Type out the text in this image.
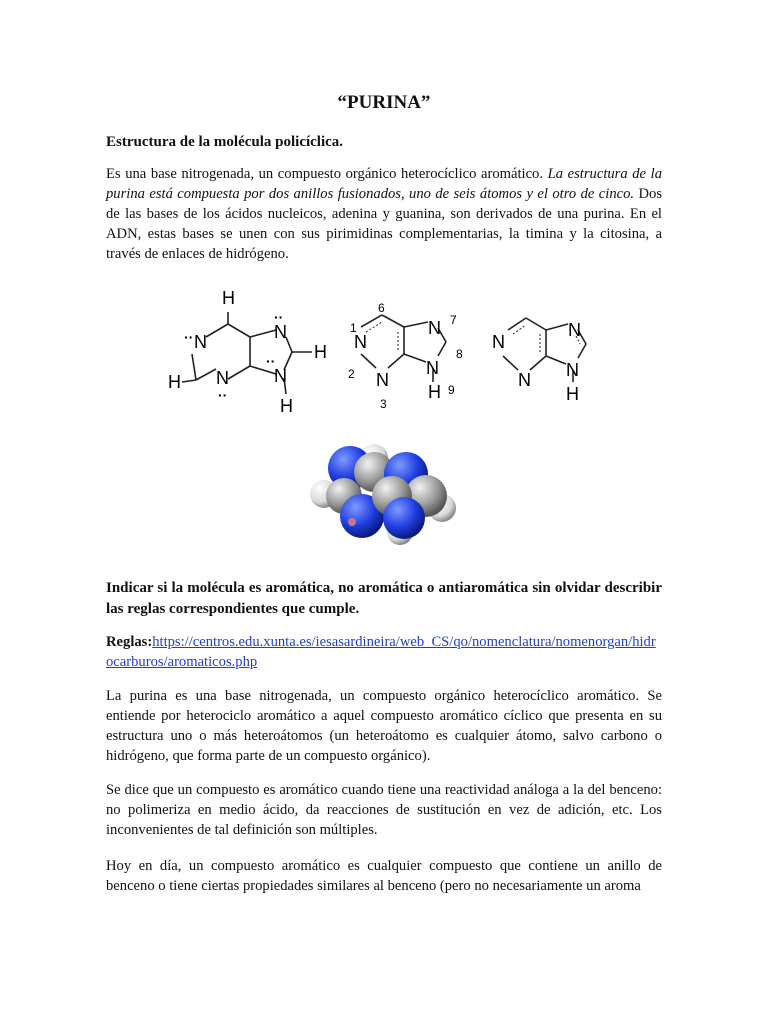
“PURINA”
Estructura de la molécula policíclica.

Es una base nitrogenada, un compuesto orgánico heterocíclico aromático. La estructura de la purina está compuesta por dos anillos fusionados, uno de seis átomos y el otro de cinco. Dos de las bases de los ácidos nucleicos, adenina y guanina, son derivados de una purina. En el ADN, estas bases se unen con sus pirimidinas complementarias, la timina y la citosina, a través de enlaces de hidrógeno.

H
N
N
N
N
H
H
H
··
··
··
··	N
N
N
N
H
1
2
3
6
7
8
9
N
N
N
N
H
Indicar si la molécula es aromática, no aromática o antiaromática sin olvidar describir las reglas correspondientes que cumple.
Reglas:https://centros.edu.xunta.es/iesasardineira/web_CS/qo/nomenclatura/nomenorgan/hidrocarburos/aromaticos.php

La purina es una base nitrogenada, un compuesto orgánico heterocíclico aromático. Se entiende por heterociclo aromático a aquel compuesto aromático cíclico que presenta en su estructura uno o más heteroátomos (un heteroátomo es cualquier átomo, salvo carbono o hidrógeno, que forma parte de un compuesto orgánico).

Se dice que un compuesto es aromático cuando tiene una reactividad análoga a la del benceno: no polimeriza en medio ácido, da reacciones de sustitución en vez de adición, etc. Los inconvenientes de tal definición son múltiples.

Hoy en día, un compuesto aromático es cualquier compuesto que contiene un anillo de benceno o tiene ciertas propiedades similares al benceno (pero no necesariamente un aroma
